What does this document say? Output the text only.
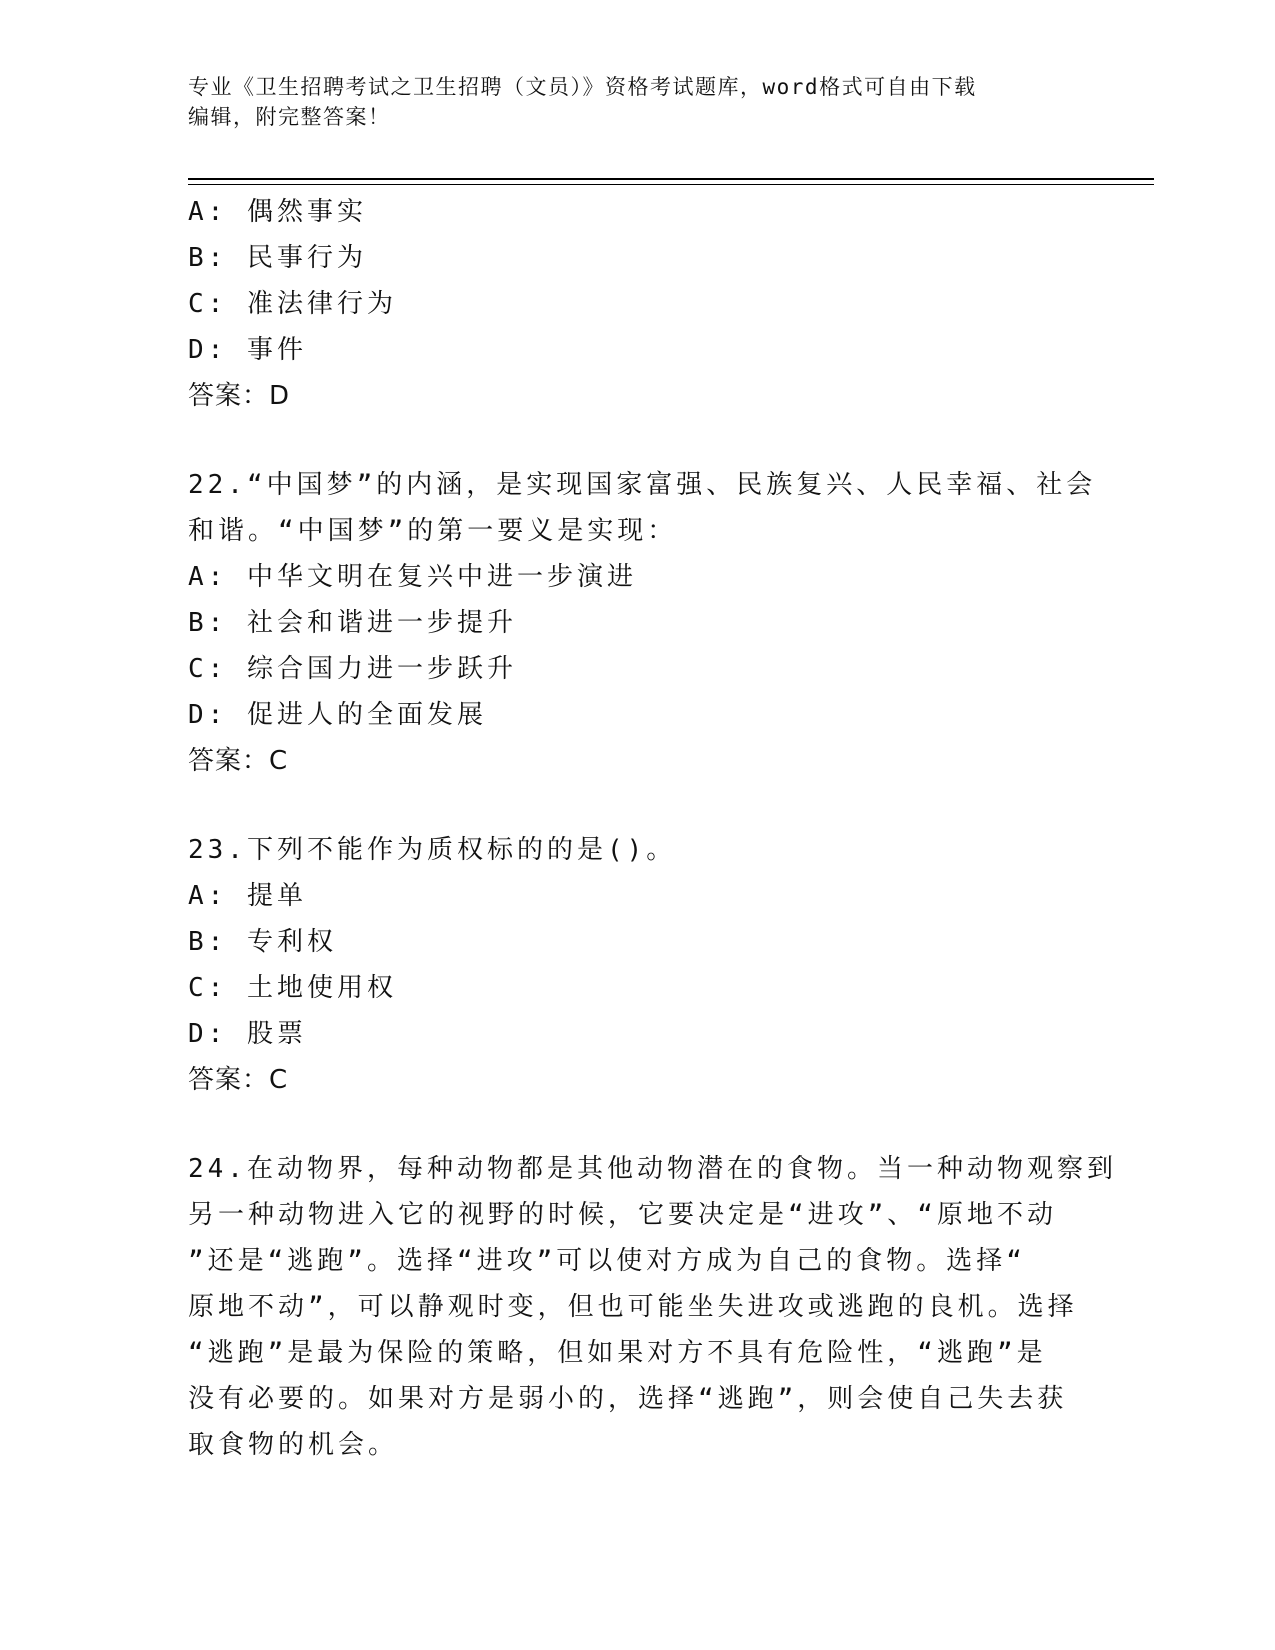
专业《卫生招聘考试之卫生招聘（文员）》资格考试题库，word格式可自由下载
编辑，附完整答案！
A: 偶然事实
B: 民事行为
C: 准法律行为
D: 事件
答案：D
22.“中国梦”的内涵，是实现国家富强、民族复兴、人民幸福、社会
和谐。“中国梦”的第一要义是实现：
A: 中华文明在复兴中进一步演进
B: 社会和谐进一步提升
C: 综合国力进一步跃升
D: 促进人的全面发展
答案：C
23.下列不能作为质权标的的是()。
A: 提单
B: 专利权
C: 土地使用权
D: 股票
答案：C
24.在动物界，每种动物都是其他动物潜在的食物。当一种动物观察到
另一种动物进入它的视野的时候，它要决定是“进攻”、“原地不动
”还是“逃跑”。选择“进攻”可以使对方成为自己的食物。选择“
原地不动”，可以静观时变，但也可能坐失进攻或逃跑的良机。选择
“逃跑”是最为保险的策略，但如果对方不具有危险性，“逃跑”是
没有必要的。如果对方是弱小的，选择“逃跑”，则会使自己失去获
取食物的机会。
